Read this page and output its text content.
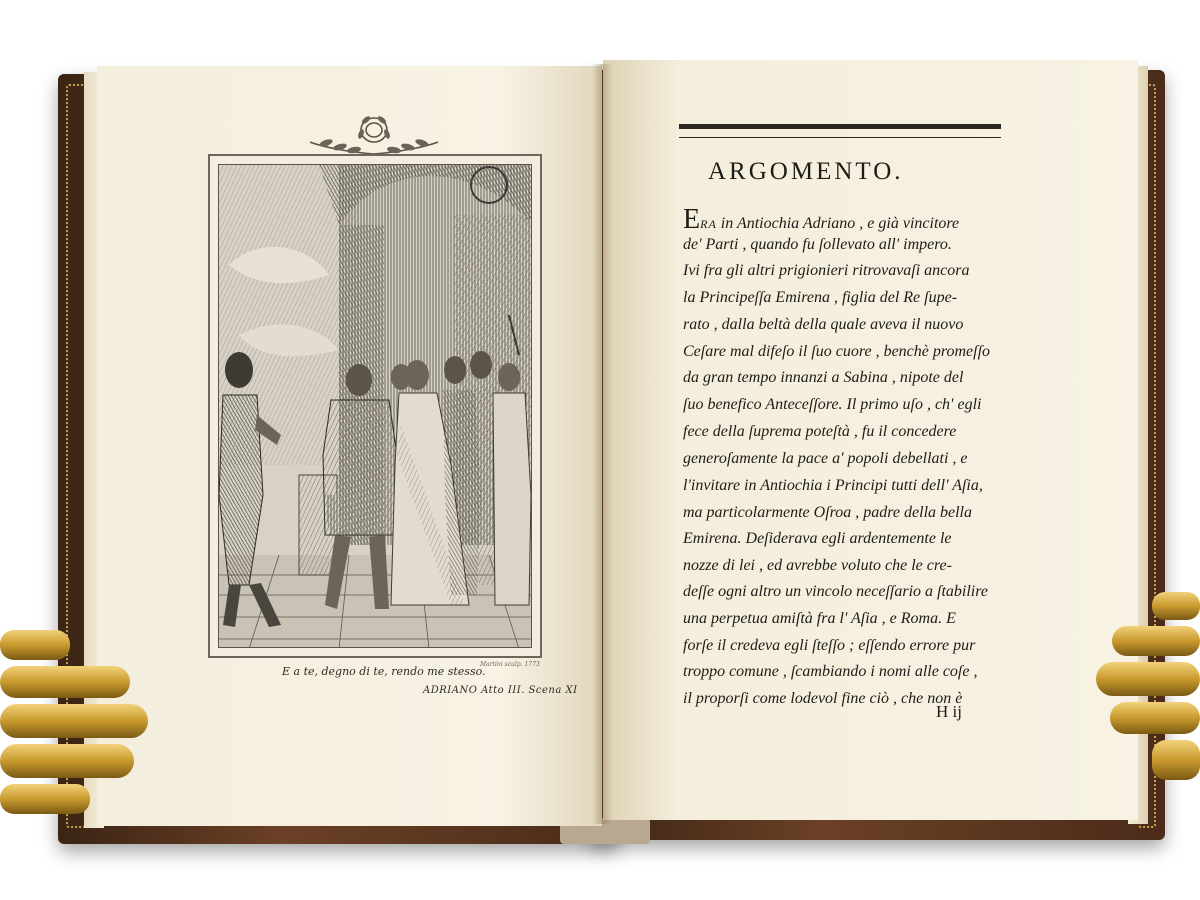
E a te, degno di te, rendo me stesso.
ADRIANO Atto III. Scena XI
Martini sculp. 1773
ARGOMENTO.
ERA in Antiochia Adriano , e già vincitore
de' Parti , quando fu ſollevato all' impero.
Ivi fra gli altri prigionieri ritrovavaſi ancora
la Principeſſa Emirena , figlia del Re ſupe-
rato , dalla beltà della quale aveva il nuovo
Ceſare mal difeſo il ſuo cuore , benchè promeſſo
da gran tempo innanzi a Sabina , nipote del
ſuo benefico Anteceſſore. Il primo uſo , ch' egli
fece della ſuprema poteſtà , fu il concedere
generoſamente la pace a' popoli debellati , e
l'invitare in Antiochia i Principi tutti dell' Aſia,
ma particolarmente Oſroa , padre della bella
Emirena. Deſiderava egli ardentemente le
nozze di lei , ed avrebbe voluto che le cre-
deſſe ogni altro un vincolo neceſſario a ſtabilire
una perpetua amiſtà fra l' Aſia , e Roma. E
forſe il credeva egli ſteſſo ; eſſendo errore pur
troppo comune , ſcambiando i nomi alle coſe ,
il proporſi come lodevol fine ciò , che non è
H ij
